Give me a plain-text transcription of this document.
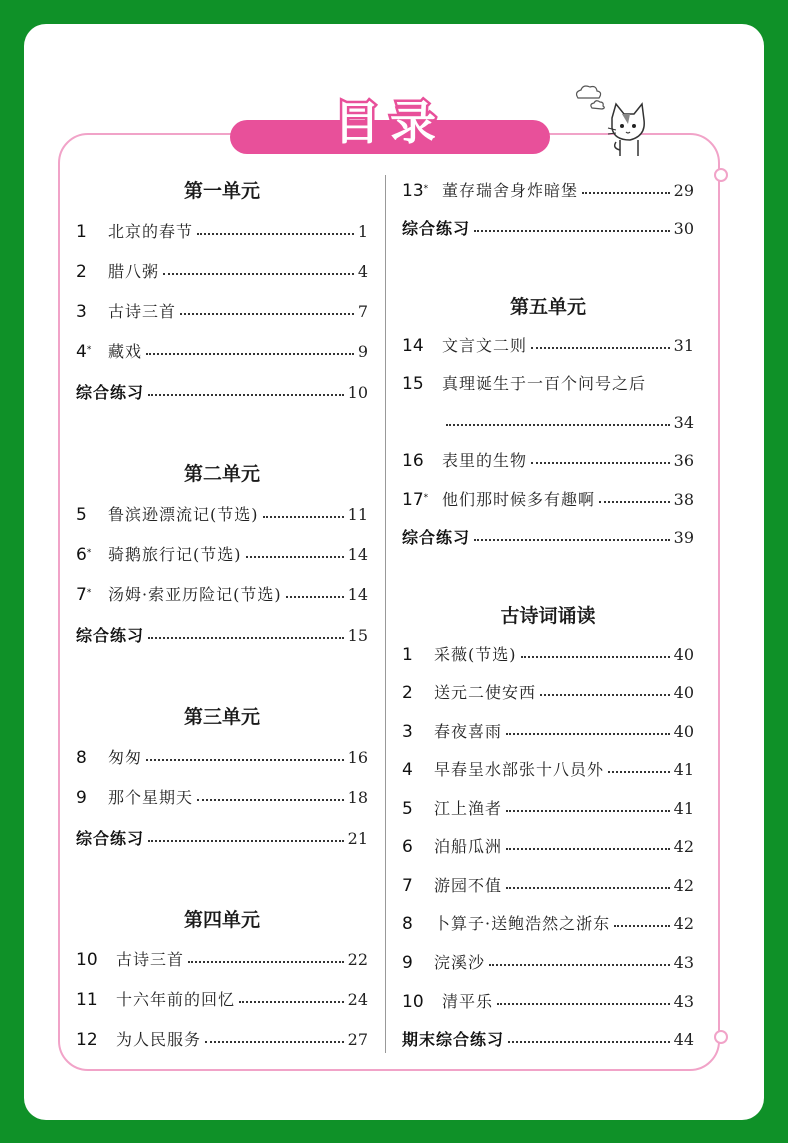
目录
第一单元
1	北京的春节	1
2	腊八粥	4
3	古诗三首	7
4*	藏戏	9
综合练习	10
第二单元
5	鲁滨逊漂流记(节选)	11
6*	骑鹅旅行记(节选)	14
7*	汤姆·索亚历险记(节选)	14
综合练习	15
第三单元
8	匆匆	16
9	那个星期天	18
综合练习	21
第四单元
10	古诗三首	22
11	十六年前的回忆	24
12	为人民服务	27
13* 董存瑞舍身炸暗堡	29
综合练习	30
第五单元
14	文言文二则	31
15	真理诞生于一百个问号之后
34
16	表里的生物	36
17* 他们那时候多有趣啊	38
综合练习	39
古诗词诵读
1	采薇(节选)	40
2	送元二使安西	40
3	春夜喜雨	40
4	早春呈水部张十八员外	41
5	江上渔者	41
6	泊船瓜洲	42
7	游园不值	42
8	卜算子·送鲍浩然之浙东	42
9	浣溪沙	43
10	清平乐	43
期末综合练习	44
